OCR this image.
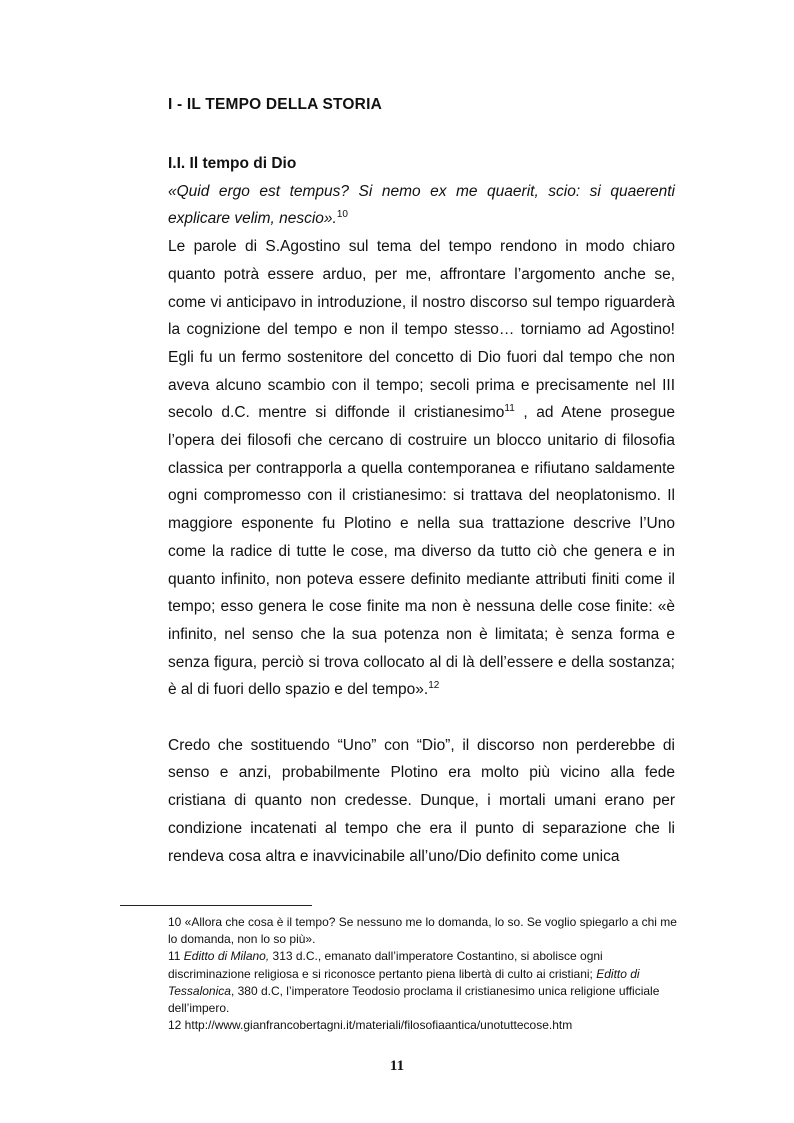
I - IL TEMPO DELLA STORIA

I.I. Il tempo di Dio

«Quid ergo est tempus? Si nemo ex me quaerit, scio: si quaerenti explicare velim, nescio».$^{10}$

Le parole di S.Agostino sul tema del tempo rendono in modo chiaro quanto potrà essere arduo, per me, affrontare l’argomento anche se, come vi anticipavo in introduzione, il nostro discorso sul tempo riguarderà la cognizione del tempo e non il tempo stesso… torniamo ad Agostino! Egli fu un fermo sostenitore del concetto di Dio fuori dal tempo che non aveva alcuno scambio con il tempo; secoli prima e precisamente nel III secolo d.C. mentre si diffonde il cristianesimo$^{11}$ , ad Atene prosegue l’opera dei filosofi che cercano di costruire un blocco unitario di filosofia classica per contrapporla a quella contemporanea e rifiutano saldamente ogni compromesso con il cristianesimo: si trattava del neoplatonismo. Il maggiore esponente fu Plotino e nella sua trattazione descrive l’Uno come la radice di tutte le cose, ma diverso da tutto ciò che genera e in quanto infinito, non poteva essere definito mediante attributi finiti come il tempo; esso genera le cose finite ma non è nessuna delle cose finite: «è infinito, nel senso che la sua potenza non è limitata; è senza forma e senza figura, perciò si trova collocato al di là dell’essere e della sostanza; è al di fuori dello spazio e del tempo».$^{12}$

Credo che sostituendo “Uno” con “Dio”, il discorso non perderebbe di senso e anzi, probabilmente Plotino era molto più vicino alla fede cristiana di quanto non credesse. Dunque, i mortali umani erano per condizione incatenati al tempo che era il punto di separazione che li rendeva cosa altra e inavvicinabile all’uno/Dio definito come unica

10 «Allora che cosa è il tempo? Se nessuno me lo domanda, lo so. Se voglio spiegarlo a chi me lo domanda, non lo so più».
11 Editto di Milano, 313 d.C., emanato dall’imperatore Costantino, si abolisce ogni discriminazione religiosa e si riconosce pertanto piena libertà di culto ai cristiani; Editto di Tessalonica, 380 d.C, l’imperatore Teodosio proclama il cristianesimo unica religione ufficiale dell’impero.
12 http://www.gianfrancobertagni.it/materiali/filosofiaantica/unotuttecose.htm
11
